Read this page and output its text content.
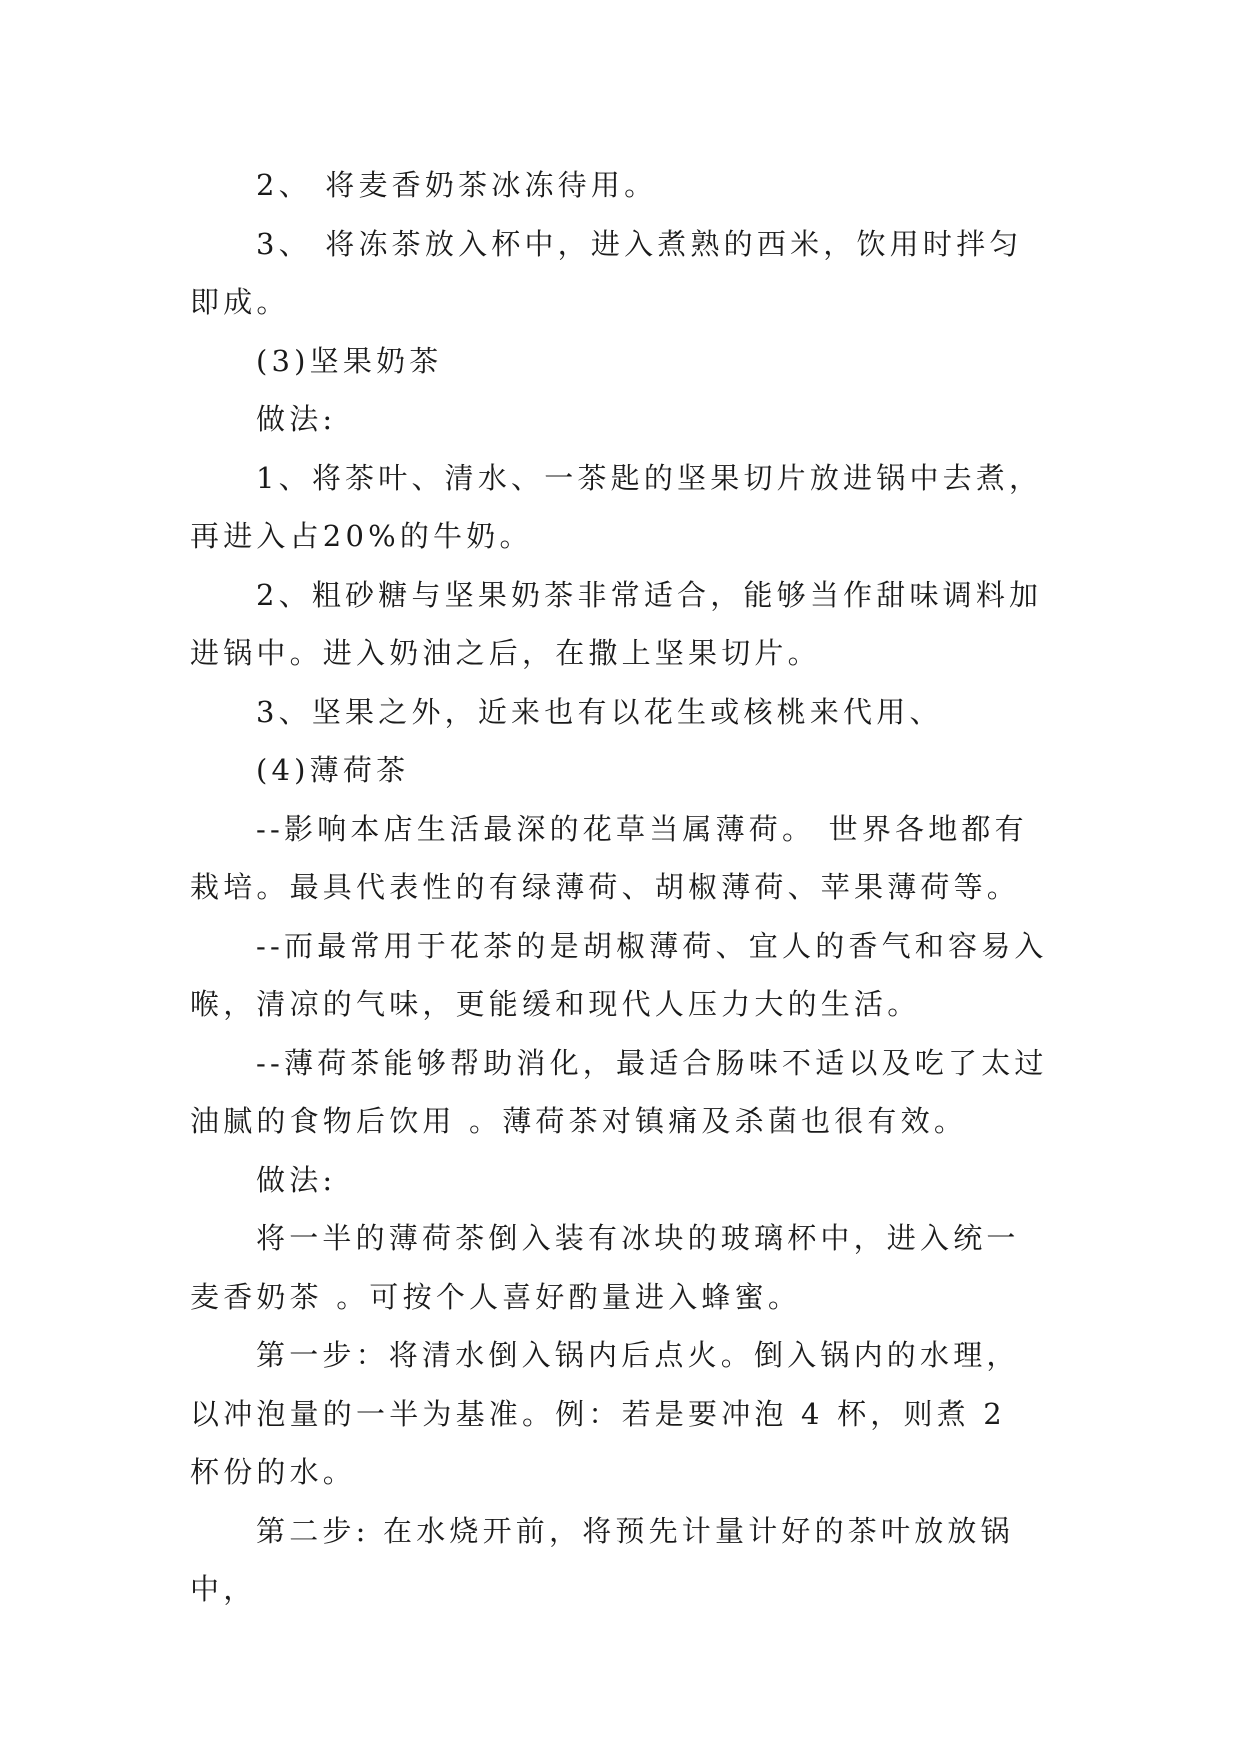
2、 将麦香奶茶冰冻待用。

3、 将冻茶放入杯中，进入煮熟的西米，饮用时拌匀即成。

(3)坚果奶茶

做法:

1、将茶叶、清水、一茶匙的坚果切片放进锅中去煮，再进入占20%的牛奶。

2、粗砂糖与坚果奶茶非常适合，能够当作甜味调料加进锅中。进入奶油之后，在撒上坚果切片。

3、坚果之外，近来也有以花生或核桃来代用、

(4)薄荷茶

--影响本店生活最深的花草当属薄荷。 世界各地都有栽培。最具代表性的有绿薄荷、胡椒薄荷、苹果薄荷等。

--而最常用于花茶的是胡椒薄荷、宜人的香气和容易入喉，清凉的气味，更能缓和现代人压力大的生活。

--薄荷茶能够帮助消化，最适合肠味不适以及吃了太过油腻的食物后饮用 。薄荷茶对镇痛及杀菌也很有效。

做法:

将一半的薄荷茶倒入装有冰块的玻璃杯中，进入统一麦香奶茶 。可按个人喜好酌量进入蜂蜜。

第一步：将清水倒入锅内后点火。倒入锅内的水理，以冲泡量的一半为基准。例：若是要冲泡 4 杯，则煮 2 杯份的水。

第二步: 在水烧开前，将预先计量计好的茶叶放放锅中，
